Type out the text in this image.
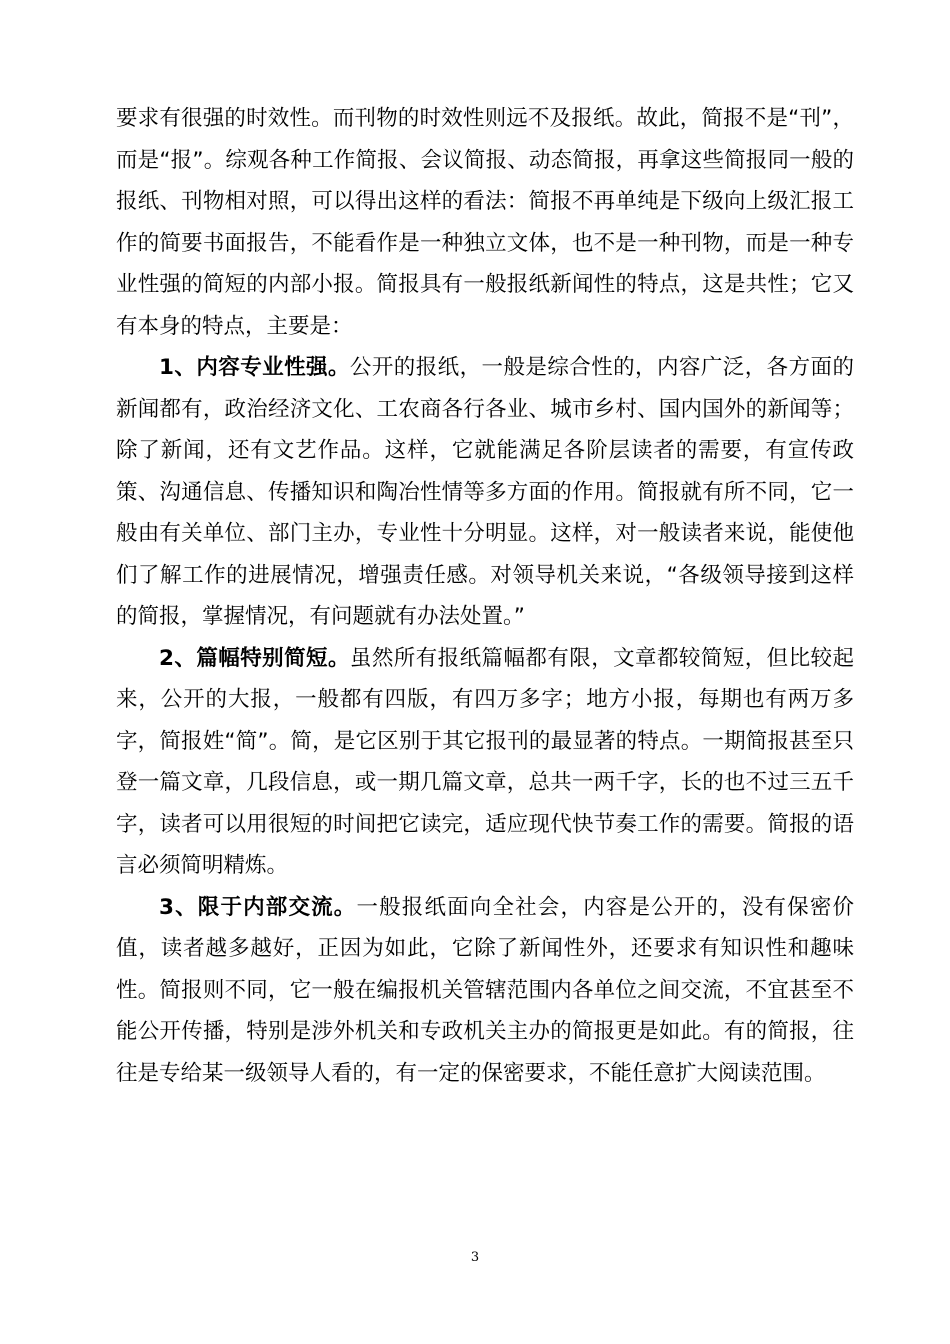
要求有很强的时效性。而刊物的时效性则远不及报纸。故此，简报不是“刊”，而是“报”。综观各种工作简报、会议简报、动态简报，再拿这些简报同一般的报纸、刊物相对照，可以得出这样的看法：简报不再单纯是下级向上级汇报工作的简要书面报告，不能看作是一种独立文体，也不是一种刊物，而是一种专业性强的简短的内部小报。简报具有一般报纸新闻性的特点，这是共性；它又有本身的特点，主要是：

1、内容专业性强。公开的报纸，一般是综合性的，内容广泛，各方面的新闻都有，政治经济文化、工农商各行各业、城市乡村、国内国外的新闻等；除了新闻，还有文艺作品。这样，它就能满足各阶层读者的需要，有宣传政策、沟通信息、传播知识和陶冶性情等多方面的作用。简报就有所不同，它一般由有关单位、部门主办，专业性十分明显。这样，对一般读者来说，能使他们了解工作的进展情况，增强责任感。对领导机关来说，“各级领导接到这样的简报，掌握情况，有问题就有办法处置。”

2、篇幅特别简短。虽然所有报纸篇幅都有限，文章都较简短，但比较起来，公开的大报，一般都有四版，有四万多字；地方小报，每期也有两万多字，简报姓“简”。简，是它区别于其它报刊的最显著的特点。一期简报甚至只登一篇文章，几段信息，或一期几篇文章，总共一两千字，长的也不过三五千字，读者可以用很短的时间把它读完，适应现代快节奏工作的需要。简报的语言必须简明精炼。

3、限于内部交流。一般报纸面向全社会，内容是公开的，没有保密价值，读者越多越好，正因为如此，它除了新闻性外，还要求有知识性和趣味性。简报则不同，它一般在编报机关管辖范围内各单位之间交流，不宜甚至不能公开传播，特别是涉外机关和专政机关主办的简报更是如此。有的简报，往往是专给某一级领导人看的，有一定的保密要求，不能任意扩大阅读范围。

3
